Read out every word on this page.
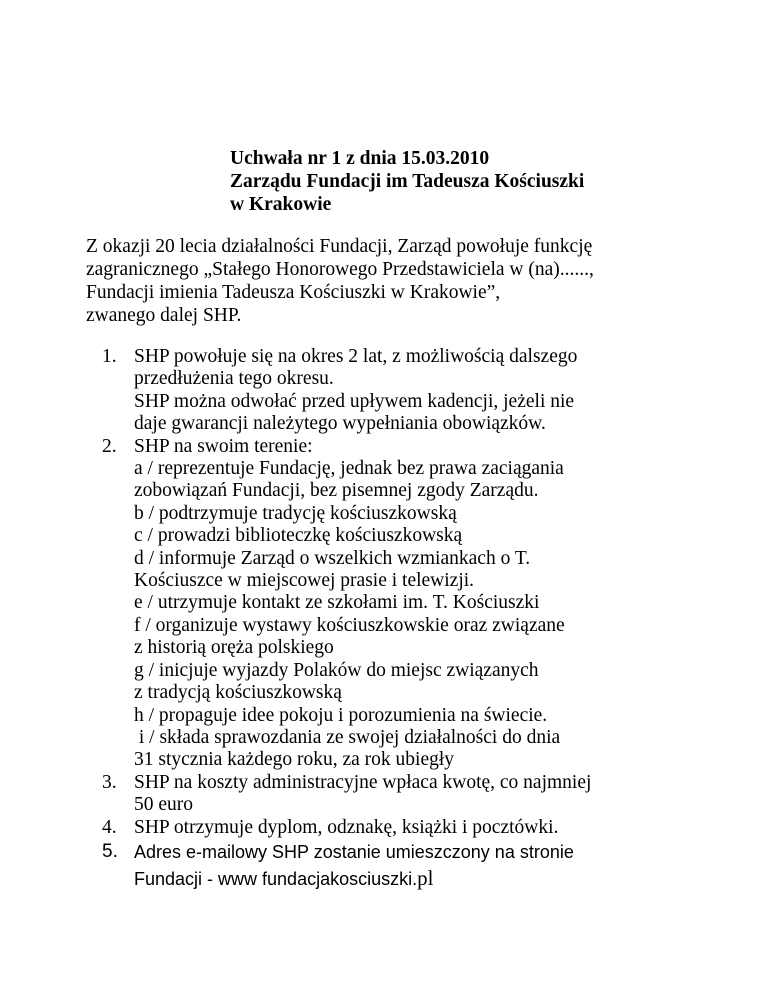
Uchwała nr 1 z dnia 15.03.2010
Zarządu Fundacji im Tadeusza Kościuszki
w Krakowie
Z okazji 20 lecia działalności Fundacji, Zarząd powołuje funkcję
zagranicznego „Stałego Honorowego Przedstawiciela w (na)......,
Fundacji imienia Tadeusza Kościuszki w Krakowie”,
zwanego dalej SHP.
1. SHP powołuje się na okres 2 lat, z możliwością dalszego
przedłużenia tego okresu.
SHP można odwołać przed upływem kadencji, jeżeli nie
daje gwarancji należytego wypełniania obowiązków.
2. SHP na swoim terenie:
a / reprezentuje Fundację, jednak bez prawa zaciągania
zobowiązań Fundacji, bez pisemnej zgody Zarządu.
b / podtrzymuje tradycję kościuszkowską
c / prowadzi biblioteczkę kościuszkowską
d / informuje Zarząd o wszelkich wzmiankach o T.
Kościuszce w miejscowej prasie i telewizji.
e / utrzymuje kontakt ze szkołami im. T. Kościuszki
f / organizuje wystawy kościuszkowskie oraz związane
z historią oręża polskiego
g / inicjuje wyjazdy Polaków do miejsc związanych
z tradycją kościuszkowską
h / propaguje idee pokoju i porozumienia na świecie.
i / składa sprawozdania ze swojej działalności do dnia
31 stycznia każdego roku, za rok ubiegły
3. SHP na koszty administracyjne wpłaca kwotę, co najmniej
50 euro
4. SHP otrzymuje dyplom, odznakę, książki i pocztówki.
5. Adres e-mailowy SHP zostanie umieszczony na stronie
Fundacji - www fundacjakosciuszki.pl
